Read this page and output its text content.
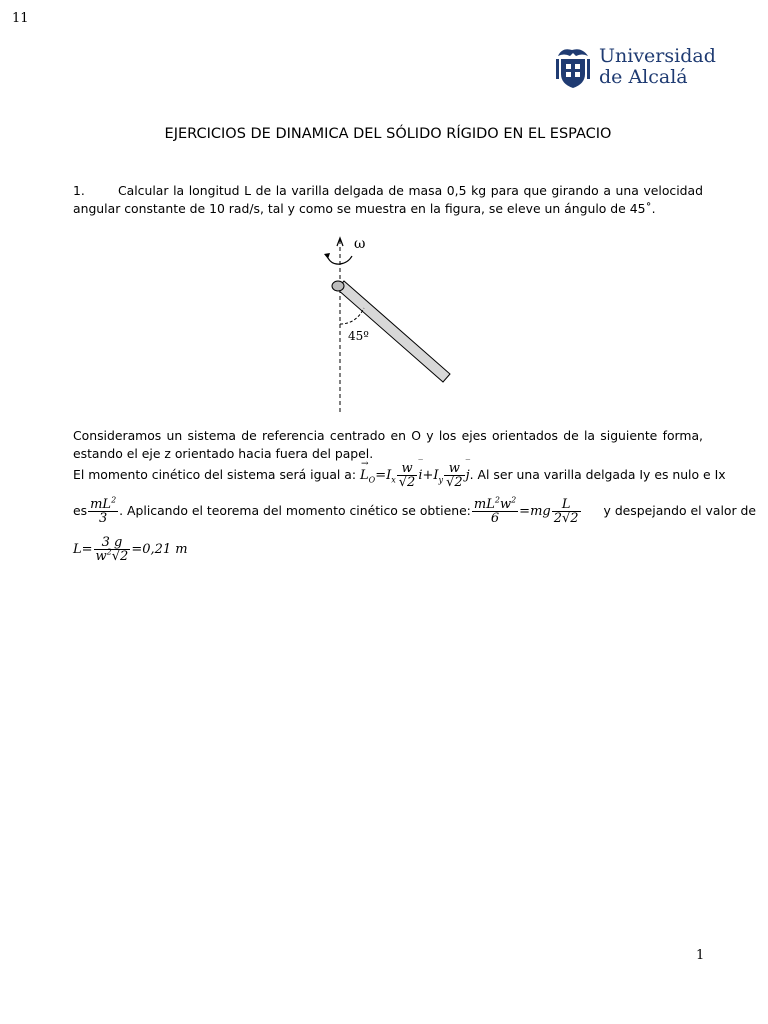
11
Universidad
de Alcalá
EJERCICIOS DE DINAMICA DEL SÓLIDO RÍGIDO EN EL ESPACIO
1.	Calcular la longitud L de la varilla delgada de masa 0,5 kg para que girando a una velocidad angular constante de 10 rad/s, tal y como se muestra en la figura, se eleve un ángulo de 45˚.
ω
45º
Consideramos un sistema de referencia centrado en O y los ejes orientados de la siguiente forma, estando el eje z orientado hacia fuera del papel.
El momento cinético del sistema será igual a: L
→
$_O=I_x \frac{w}{√2}$ i
‾
$+I_y \frac{w}{√2}$ j
‾
. Al ser una varilla delgada Iy es nulo e Ix
es $\frac{mL^2}{3}$ . Aplicando el teorema del momento cinético se obtiene: $\frac{mL^2w^2}{6} =mg \frac{L}{2√2}$ y despejando el valor de
$L= \frac{3 g}{w^2√2} =0,21$ m
1
